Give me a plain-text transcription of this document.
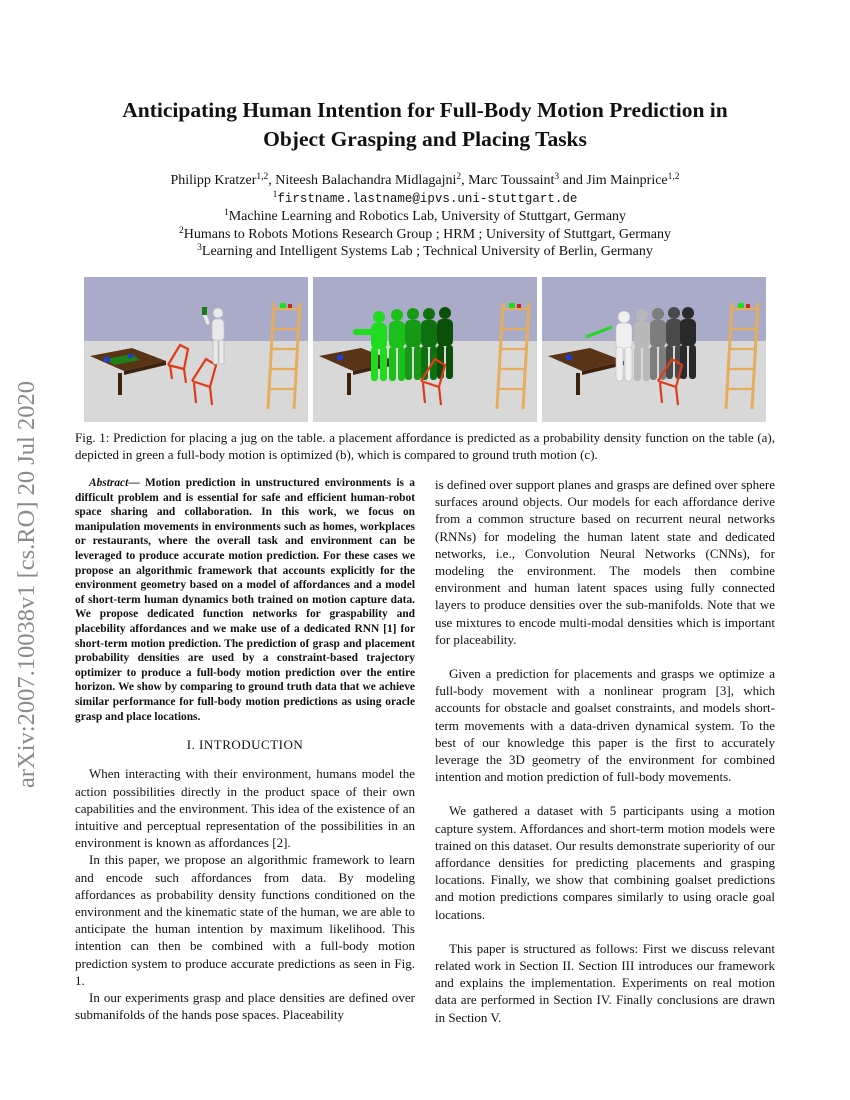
arXiv:2007.10038v1 [cs.RO] 20 Jul 2020
Anticipating Human Intention for Full-Body Motion Prediction in
Object Grasping and Placing Tasks
Philipp Kratzer$^{1,2}$, Niteesh Balachandra Midlagajni$^2$, Marc Toussaint$^3$ and Jim Mainprice$^{1,2}$
$^1$firstname.lastname@ipvs.uni-stuttgart.de
$^1$Machine Learning and Robotics Lab, University of Stuttgart, Germany
$^2$Humans to Robots Motions Research Group ; HRM ; University of Stuttgart, Germany
$^3$Learning and Intelligent Systems Lab ; Technical University of Berlin, Germany
Fig. 1: Prediction for placing a jug on the table. a placement affordance is predicted as a probability density function on the table (a), depicted in green a full-body motion is optimized (b), which is compared to ground truth motion (c).

Abstract— Motion prediction in unstructured environments is a difficult problem and is essential for safe and efficient human-robot space sharing and collaboration. In this work, we focus on manipulation movements in environments such as homes, workplaces or restaurants, where the overall task and environment can be leveraged to produce accurate motion prediction. For these cases we propose an algorithmic framework that accounts explicitly for the environment geometry based on a model of affordances and a model of short-term human dynamics both trained on motion capture data. We propose dedicated function networks for graspability and placebility affordances and we make use of a dedicated RNN [1] for short-term motion prediction. The prediction of grasp and placement probability densities are used by a constraint-based trajectory optimizer to produce a full-body motion prediction over the entire horizon. We show by comparing to ground truth data that we achieve similar performance for full-body motion predictions as using oracle grasp and place locations.

I. INTRODUCTION

When interacting with their environment, humans model the action possibilities directly in the product space of their own capabilities and the environment. This idea of the existence of an intuitive and perceptual representation of the possibilities in an environment is known as affordances [2].

In this paper, we propose an algorithmic framework to learn and encode such affordances from data. By modeling affordances as probability density functions conditioned on the environment and the kinematic state of the human, we are able to anticipate the human intention by maximum likelihood. This intention can then be combined with a full-body motion prediction system to produce accurate predictions as seen in Fig. 1.

In our experiments grasp and place densities are defined over submanifolds of the hands pose spaces. Placeability

is defined over support planes and grasps are defined over sphere surfaces around objects. Our models for each affordance derive from a common structure based on recurrent neural networks (RNNs) for modeling the human latent state and dedicated networks, i.e., Convolution Neural Networks (CNNs), for modeling the environment. The models then combine environment and human latent spaces using fully connected layers to produce densities over the sub-manifolds. Note that we use mixtures to encode multi-modal densities which is important for placeability.

Given a prediction for placements and grasps we optimize a full-body movement with a nonlinear program [3], which accounts for obstacle and goalset constraints, and models short-term movements with a data-driven dynamical system. To the best of our knowledge this paper is the first to accurately leverage the 3D geometry of the environment for combined intention and motion prediction of full-body movements.

We gathered a dataset with 5 participants using a motion capture system. Affordances and short-term motion models were trained on this dataset. Our results demonstrate superiority of our affordance densities for predicting placements and grasping locations. Finally, we show that combining goalset predictions and motion predictions compares similarly to using oracle goal locations.

This paper is structured as follows: First we discuss relevant related work in Section II. Section III introduces our framework and explains the implementation. Experiments on real motion data are performed in Section IV. Finally conclusions are drawn in Section V.
